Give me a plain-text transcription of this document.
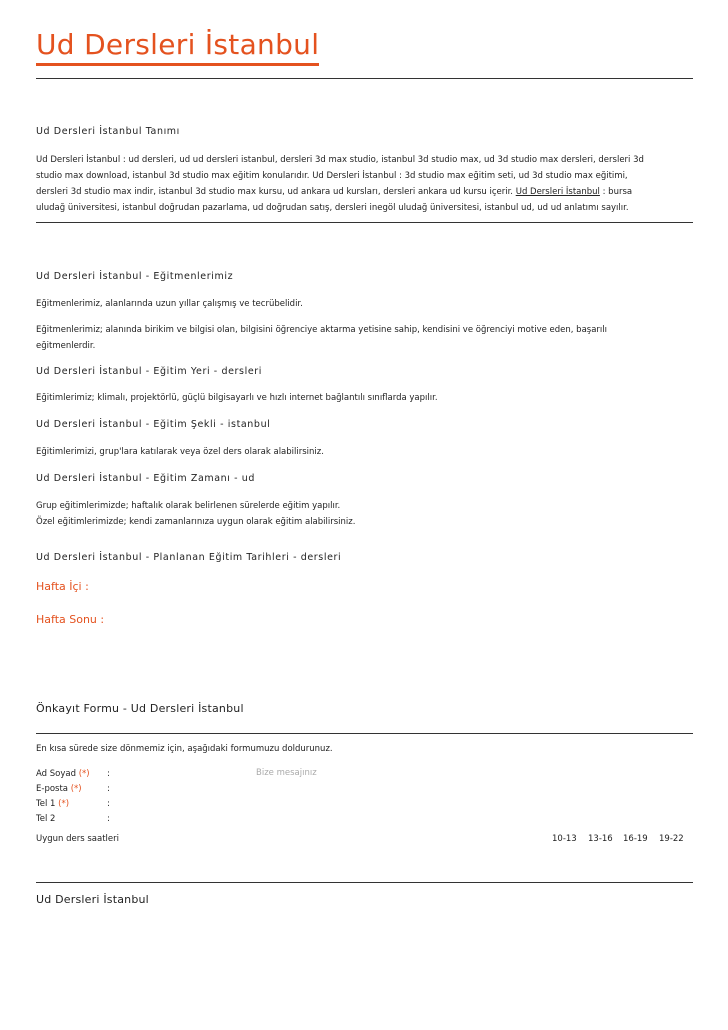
Ud Dersleri İstanbul
Ud Dersleri İstanbul Tanımı
Ud Dersleri İstanbul : ud dersleri, ud ud dersleri istanbul, dersleri 3d max studio, istanbul 3d studio max, ud 3d studio max dersleri, dersleri 3d
studio max download, istanbul 3d studio max eğitim konularıdır. Ud Dersleri İstanbul : 3d studio max eğitim seti, ud 3d studio max eğitimi,
dersleri 3d studio max indir, istanbul 3d studio max kursu, ud ankara ud kursları, dersleri ankara ud kursu içerir. Ud Dersleri İstanbul : bursa
uludağ üniversitesi, istanbul doğrudan pazarlama, ud doğrudan satış, dersleri inegöl uludağ üniversitesi, istanbul ud, ud ud anlatımı sayılır.
Ud Dersleri İstanbul - Eğitmenlerimiz
Eğitmenlerimiz, alanlarında uzun yıllar çalışmış ve tecrübelidir.
Eğitmenlerimiz; alanında birikim ve bilgisi olan, bilgisini öğrenciye aktarma yetisine sahip, kendisini ve öğrenciyi motive eden, başarılı
eğitmenlerdir.
Ud Dersleri İstanbul - Eğitim Yeri - dersleri
Eğitimlerimiz; klimalı, projektörlü, güçlü bilgisayarlı ve hızlı internet bağlantılı sınıflarda yapılır.
Ud Dersleri İstanbul - Eğitim Şekli - istanbul
Eğitimlerimizi, grup'lara katılarak veya özel ders olarak alabilirsiniz.
Ud Dersleri İstanbul - Eğitim Zamanı - ud
Grup eğitimlerimizde; haftalık olarak belirlenen sürelerde eğitim yapılır.
Özel eğitimlerimizde; kendi zamanlarınıza uygun olarak eğitim alabilirsiniz.
Ud Dersleri İstanbul - Planlanan Eğitim Tarihleri - dersleri
Hafta İçi :
Hafta Sonu :
Önkayıt Formu - Ud Dersleri İstanbul
En kısa sürede size dönmemiz için, aşağıdaki formumuzu doldurunuz.
Ad Soyad (*) :
E-posta (*)	:
Tel 1 (*)	:
Tel 2	:
Bize mesajınız
Uygun ders saatleri	10-13 13-16 16-19 19-22
Ud Dersleri İstanbul
